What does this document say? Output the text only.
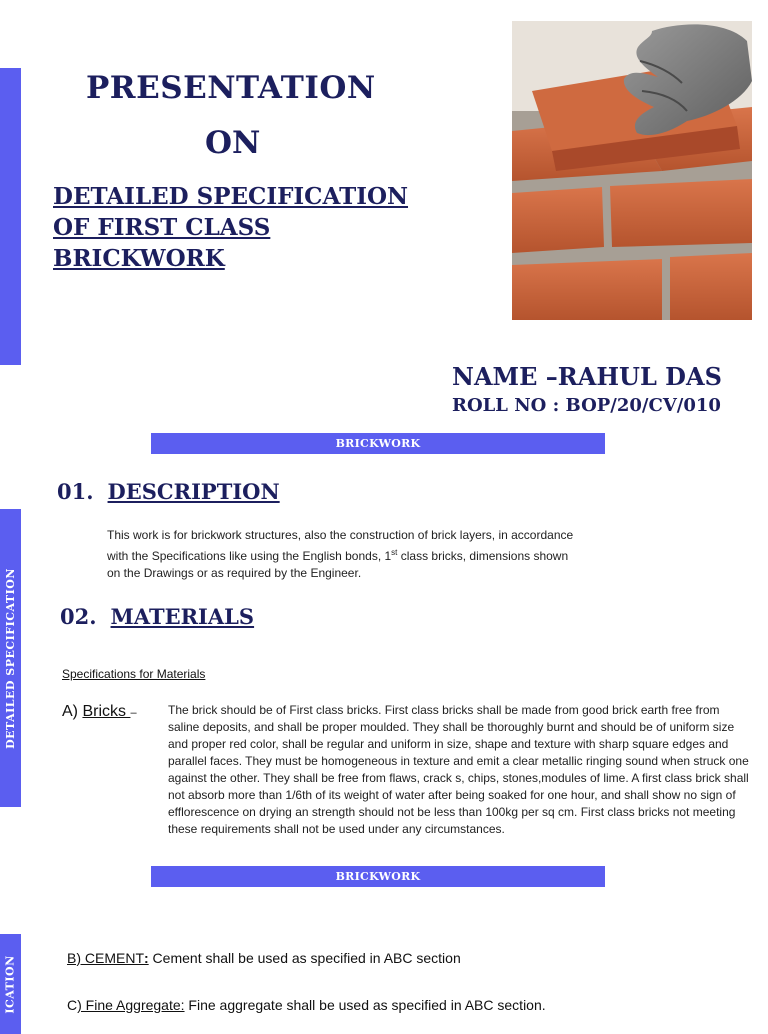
DETAILED SPECIFICATION
ICATION
PRESENTATION
ON
DETAILED SPECIFICATION
OF FIRST CLASS
BRICKWORK
NAME –RAHUL DAS
ROLL NO : BOP/20/CV/010
BRICKWORK
01. DESCRIPTION
This work is for brickwork structures, also the construction of brick layers, in accordance with the Specifications like using the English bonds, 1st class bricks, dimensions shown on the Drawings or as required by the Engineer.
02. MATERIALS
Specifications for Materials
A) Bricks –	The brick should be of First class bricks. First class bricks shall be made from good brick earth free from saline deposits, and shall be proper moulded. They shall be thoroughly burnt and should be of uniform size and proper red color, shall be regular and uniform in size, shape and texture with sharp square edges and parallel faces. They must be homogeneous in texture and emit a clear metallic ringing sound when struck one against the other. They shall be free from flaws, crack s, chips, stones,modules of lime. A first class brick shall not absorb more than 1/6th of its weight of water after being soaked for one hour, and shall show no sign of efflorescence on drying an strength should not be less than 100kg per sq cm. First class bricks not meeting these requirements shall not be used under any circumstances.
BRICKWORK
B) CEMENT: Cement shall be used as specified in ABC section
C) Fine Aggregate: Fine aggregate shall be used as specified in ABC section.
